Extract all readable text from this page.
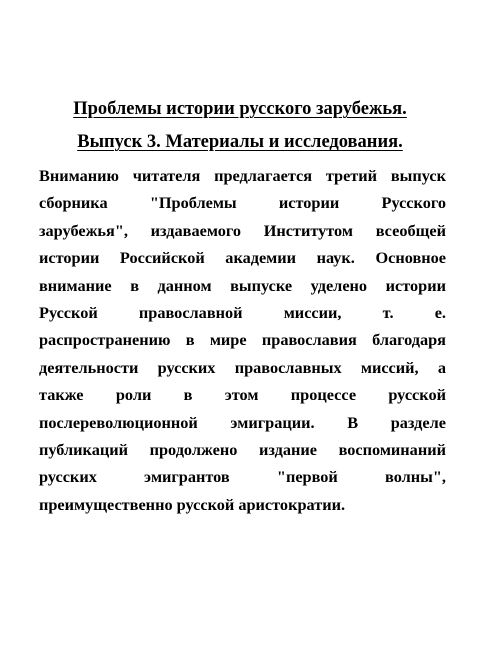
Проблемы истории русского зарубежья.
Выпуск 3. Материалы и исследования.
Вниманию читателя предлагается третий выпуск
сборника	"Проблемы	истории	Русского
зарубежья", издаваемого Институтом всеобщей
истории Российской академии наук. Основное
внимание в данном выпуске уделено истории
Русской	православной	миссии,	т.	е.
распространению в мире православия благодаря
деятельности русских православных миссий, а
также роли в этом процессе русской
послереволюционной эмиграции. В разделе
публикаций продолжено издание воспоминаний
русских	эмигрантов	"первой	волны",
преимущественно русской аристократии.
